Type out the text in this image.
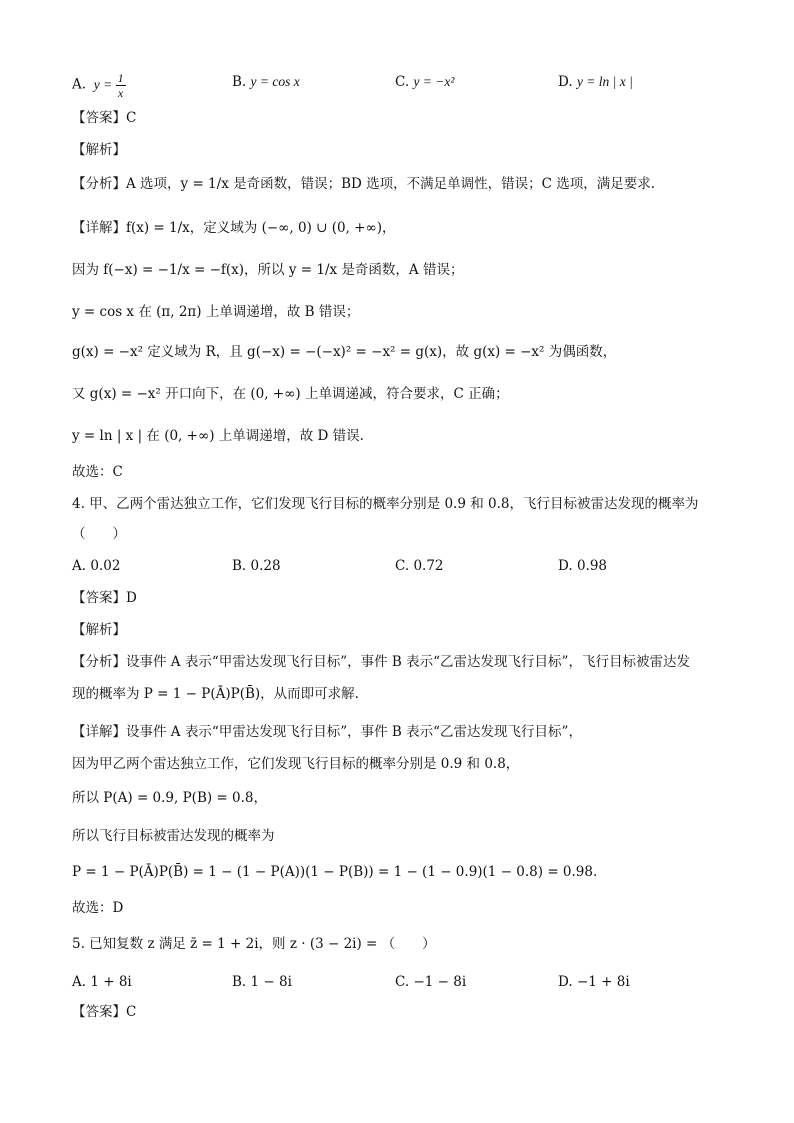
A.  $y = \frac{1}{x}$	B. y = cos x	C. y = −x²	D. y = ln | x |
【答案】C
【解析】
【分析】A 选项，y = 1/x 是奇函数，错误；BD 选项，不满足单调性，错误；C 选项，满足要求.
【详解】f(x) = 1/x，定义域为 (−∞, 0) ∪ (0, +∞)，
因为 f(−x) = −1/x = −f(x)，所以 y = 1/x 是奇函数，A 错误；
y = cos x 在 (π, 2π) 上单调递增，故 B 错误；
g(x) = −x² 定义域为 R，且 g(−x) = −(−x)² = −x² = g(x)，故 g(x) = −x² 为偶函数，
又 g(x) = −x² 开口向下，在 (0, +∞) 上单调递减，符合要求，C 正确；
y = ln | x | 在 (0, +∞) 上单调递增，故 D 错误.
故选：C
4. 甲、乙两个雷达独立工作，它们发现飞行目标的概率分别是 0.9 和 0.8，飞行目标被雷达发现的概率为
（　　）
A. 0.02	B. 0.28	C. 0.72	D. 0.98
【答案】D
【解析】
【分析】设事件 A 表示“甲雷达发现飞行目标”，事件 B 表示“乙雷达发现飞行目标”，飞行目标被雷达发
现的概率为 P = 1 − P(Ā)P(B̄)，从而即可求解.
【详解】设事件 A 表示“甲雷达发现飞行目标”，事件 B 表示“乙雷达发现飞行目标”，
因为甲乙两个雷达独立工作，它们发现飞行目标的概率分别是 0.9 和 0.8，
所以 P(A) = 0.9, P(B) = 0.8，
所以飞行目标被雷达发现的概率为
P = 1 − P(Ā)P(B̄) = 1 − (1 − P(A))(1 − P(B)) = 1 − (1 − 0.9)(1 − 0.8) = 0.98.
故选：D
5. 已知复数 z 满足 z̄ = 1 + 2i，则 z · (3 − 2i) = （　　）
A. 1 + 8i	B. 1 − 8i	C. −1 − 8i	D. −1 + 8i
【答案】C
